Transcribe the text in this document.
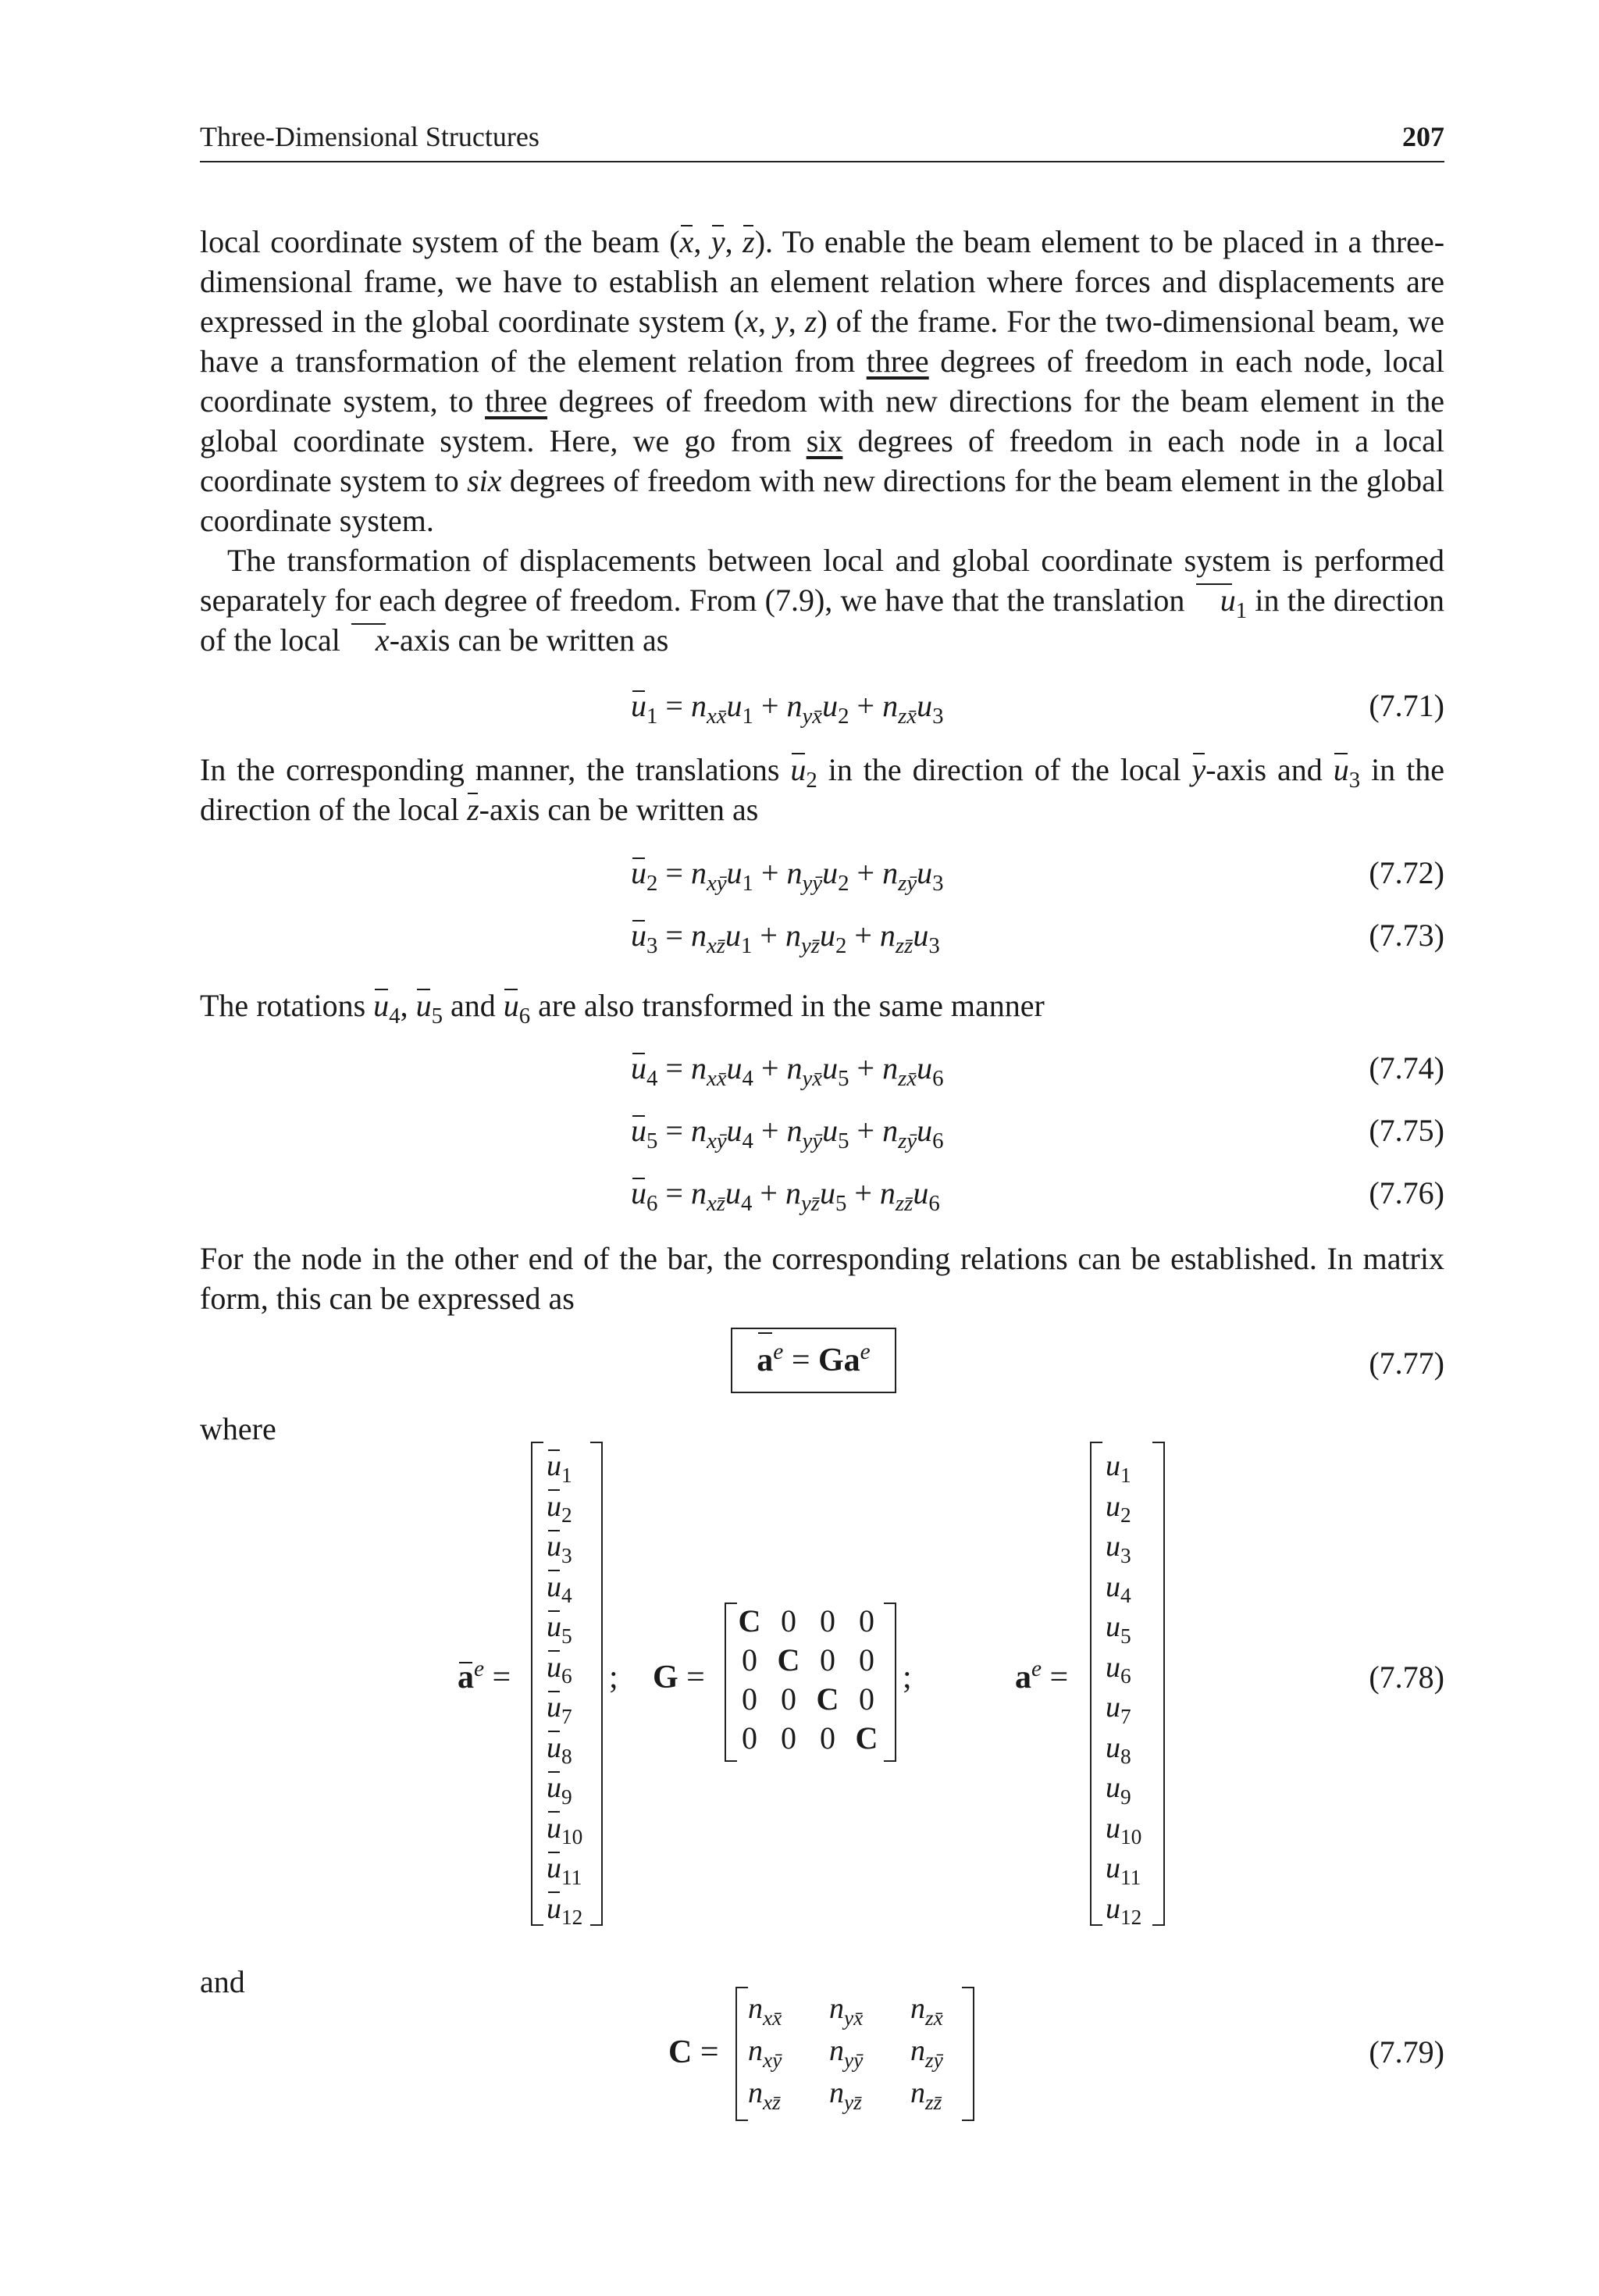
Three-Dimensional Structures	207

local coordinate system of the beam (x, y, z). To enable the beam element to be placed in a three-dimensional frame, we have to establish an element relation where forces and displacements are expressed in the global coordinate system (x, y, z) of the frame. For the two-dimensional beam, we have a transformation of the element relation from three degrees of freedom in each node, local coordinate system, to three degrees of freedom with new directions for the beam element in the global coordinate system. Here, we go from six degrees of freedom in each node in a local coordinate system to six degrees of freedom with new directions for the beam element in the global coordinate system.

The transformation of displacements between local and global coordinate system is performed separately for each degree of freedom. From (7.9), we have that the translation $u_1$ in the direction of the local x-axis can be written as

$u_1 = n_{xx̄}u_1 + n_{yx̄}u_2 + n_{zx̄}u_3$	(7.71)

In the corresponding manner, the translations $u_2$ in the direction of the local y-axis and $u_3$ in the direction of the local z-axis can be written as

$u_2 = n_{xȳ}u_1 + n_{yȳ}u_2 + n_{zȳ}u_3$	(7.72)
$u_3 = n_{xz̄}u_1 + n_{yz̄}u_2 + n_{zz̄}u_3$	(7.73)

The rotations $u_4$, $u_5$ and $u_6$ are also transformed in the same manner

$u_4 = n_{xx̄}u_4 + n_{yx̄}u_5 + n_{zx̄}u_6$	(7.74)
$u_5 = n_{xȳ}u_4 + n_{yȳ}u_5 + n_{zȳ}u_6$	(7.75)
$u_6 = n_{xz̄}u_4 + n_{yz̄}u_5 + n_{zz̄}u_6$	(7.76)

For the node in the other end of the bar, the corresponding relations can be established. In matrix form, this can be expressed as

$a^e = Ga^e$	(7.77)
where
$a^e$ =
$u_1$
$u_2$
$u_3$
$u_4$
$u_5$
$u_6$
$u_7$
$u_8$
$u_9$
$u_{10}$
$u_{11}$
$u_{12}$
; G =
C 0 0 0
0 C 0 0
0 0 C 0
0 0 0 C
;	$a^e$ =
$u_1$
$u_2$
$u_3$
$u_4$
$u_5$
$u_6$
$u_7$
$u_8$
$u_9$
$u_{10}$
$u_{11}$
$u_{12}$
(7.78)
and
C =
$n_{xx̄}$ $n_{yx̄}$ $n_{zx̄}$
$n_{xȳ}$ $n_{yȳ}$ $n_{zȳ}$
$n_{xz̄}$ $n_{yz̄}$ $n_{zz̄}$
(7.79)
